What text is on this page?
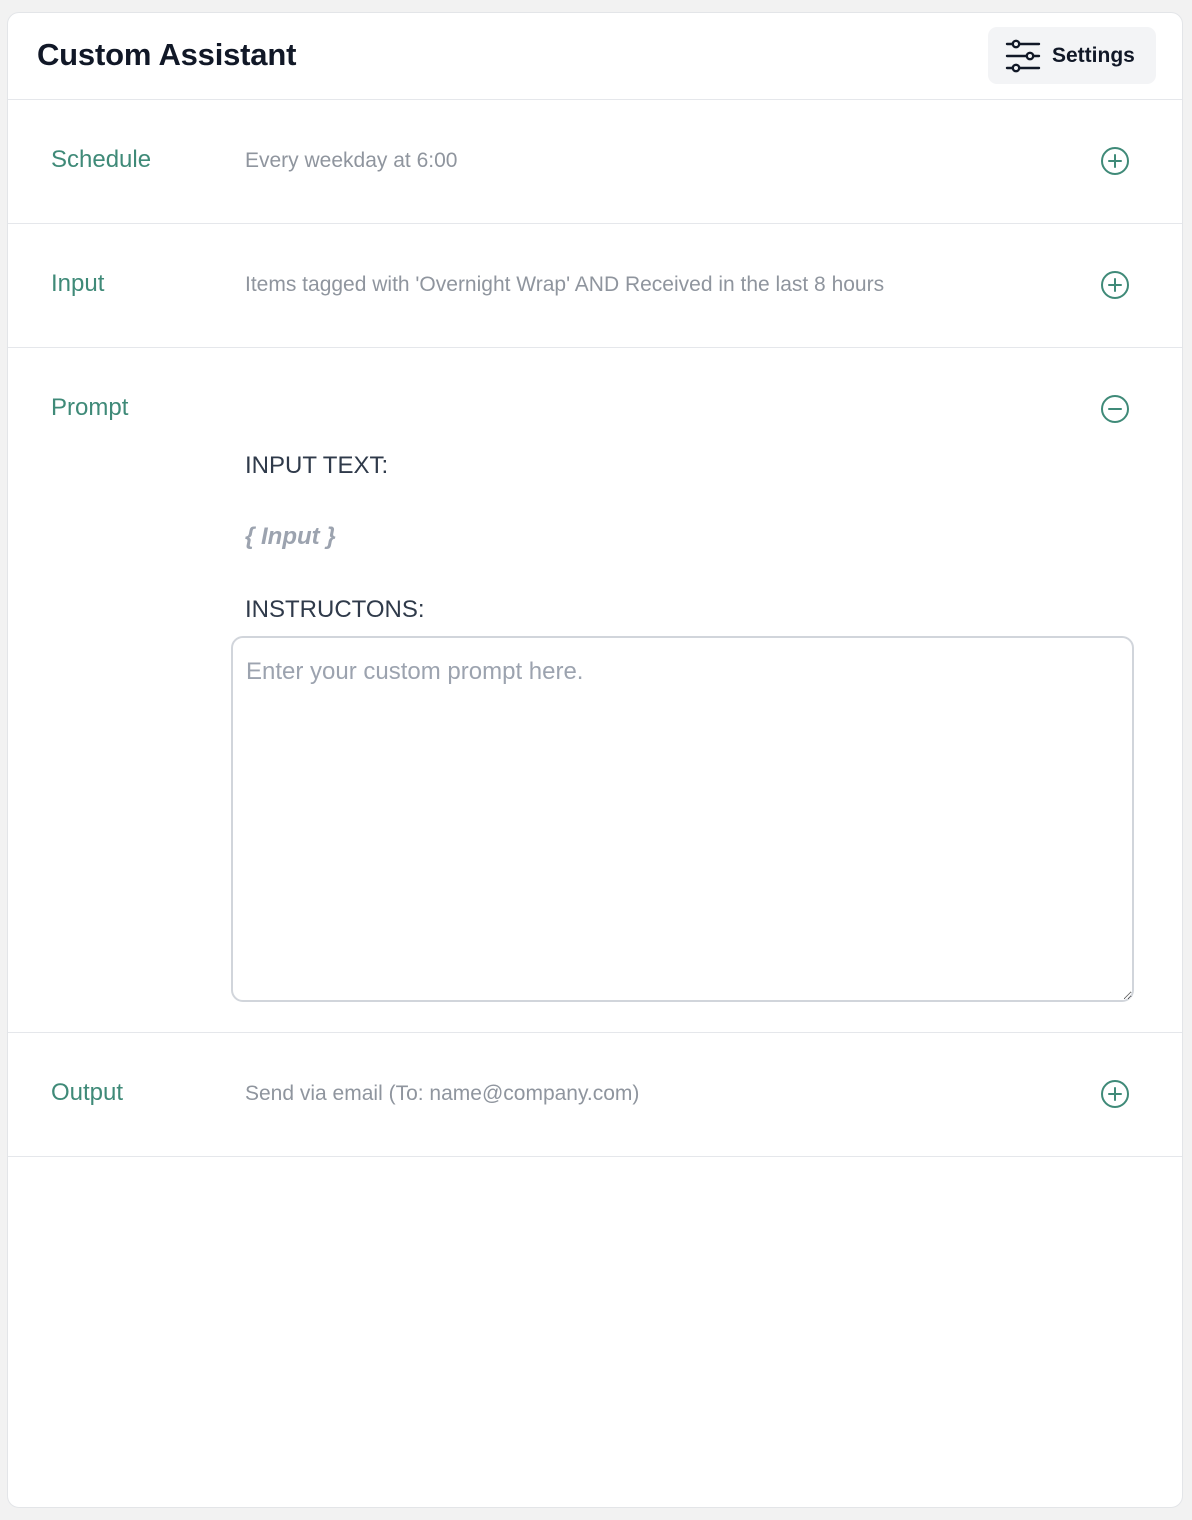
Custom Assistant	Settings
Schedule	Every weekday at 6:00
Input	Items tagged with 'Overnight Wrap' AND Received in the last 8 hours
Prompt
INPUT TEXT:
{ Input }
INSTRUCTONS:
Enter your custom prompt here.
Output	Send via email (To: name@company.com)
